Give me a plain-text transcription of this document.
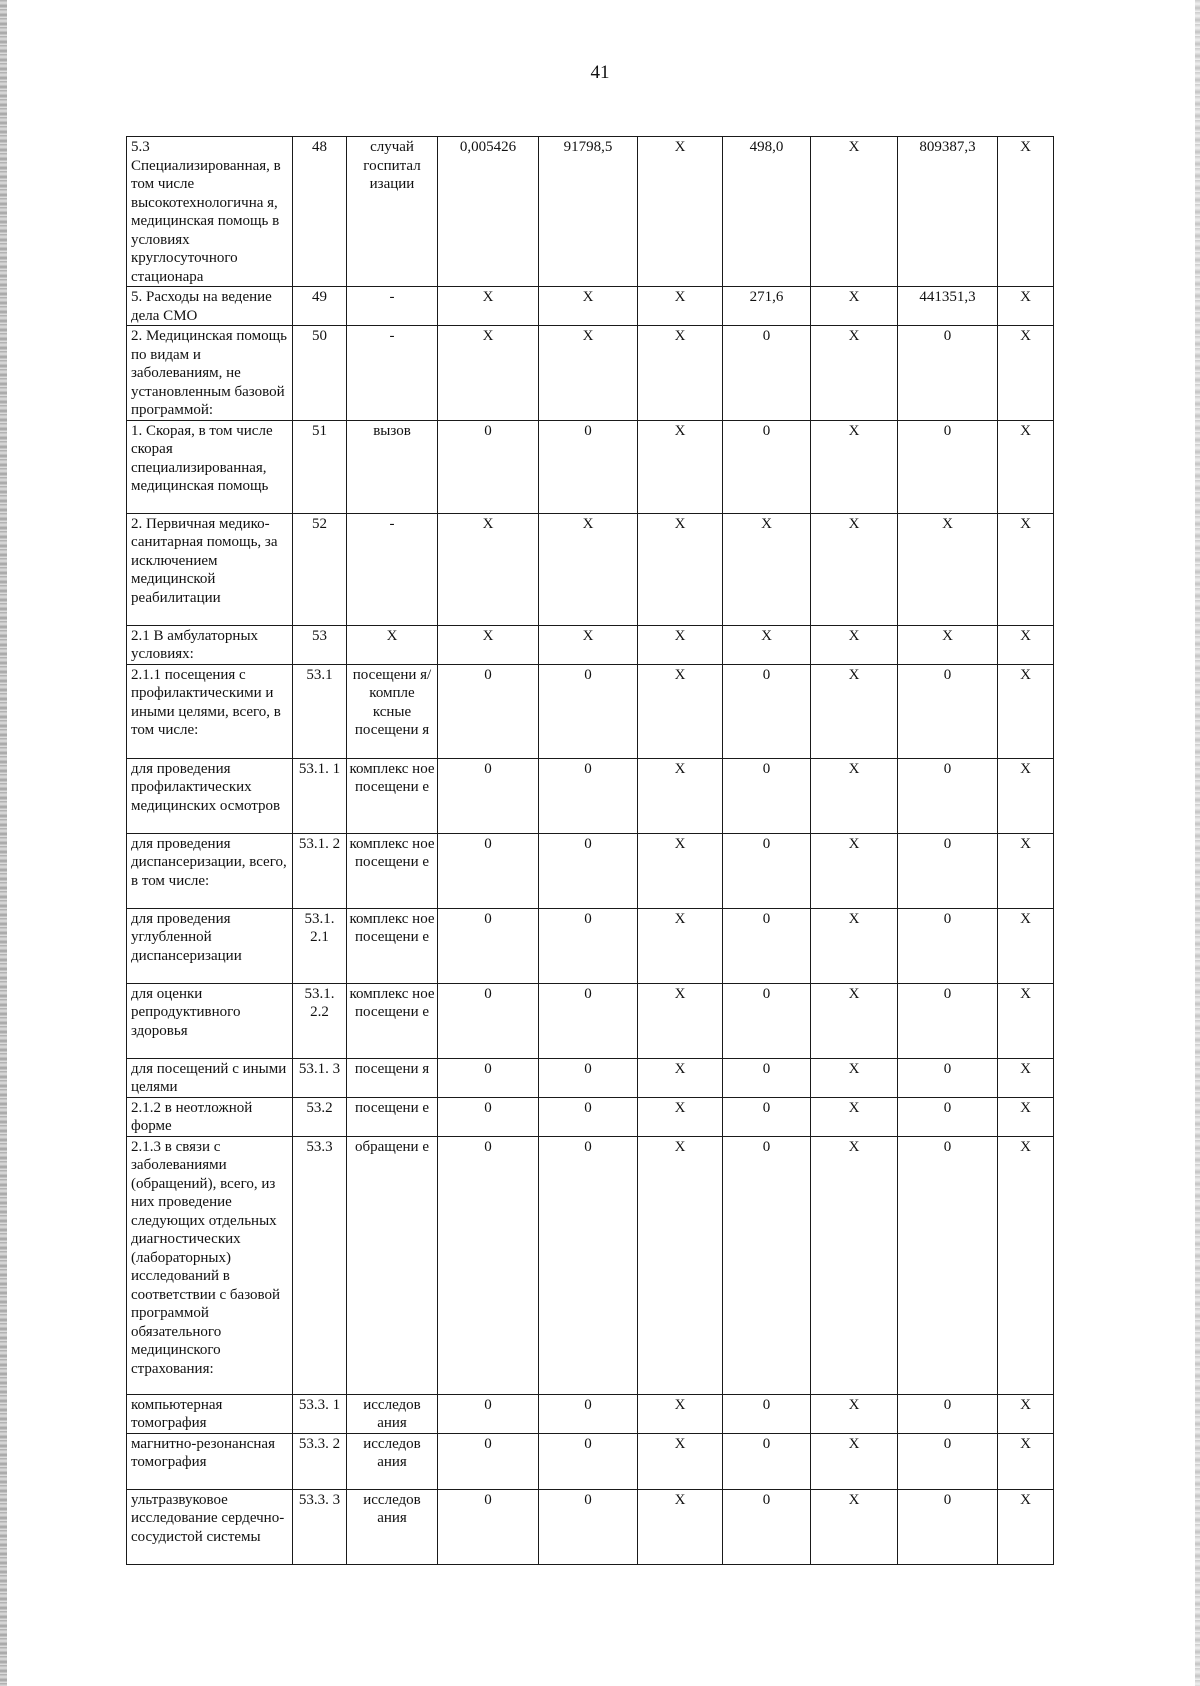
41
5.3 Специализированная, в том числе высокотехнологична я, медицинская помощь в условиях круглосуточного стационара	48	случай госпитал изации	0,005426	91798,5	X	498,0	X	809387,3	X
5. Расходы на ведение дела СМО	49	-	X	X	X	271,6	X	441351,3	X
2. Медицинская помощь по видам и заболеваниям, не установленным базовой программой:	50	-	X	X	X	0	X	0	X
1. Скорая, в том числе скорая специализированная, медицинская помощь	51	вызов	0	0	X	0	X	0	X
2. Первичная медико-санитарная помощь, за исключением медицинской реабилитации	52	-	X	X	X	X	X	X	X
2.1 В амбулаторных условиях:	53	X	X	X	X	X	X	X	X
2.1.1 посещения с профилактическими и иными целями, всего, в том числе:	53.1	посещени я/компле ксные посещени я	0	0	X	0	X	0	X
для проведения профилактических медицинских осмотров	53.1. 1	комплекс ное посещени е	0	0	X	0	X	0	X
для проведения диспансеризации, всего, в том числе:	53.1. 2	комплекс ное посещени е	0	0	X	0	X	0	X
для проведения углубленной диспансеризации	53.1. 2.1	комплекс ное посещени е	0	0	X	0	X	0	X
для оценки репродуктивного здоровья	53.1. 2.2	комплекс ное посещени е	0	0	X	0	X	0	X
для посещений с иными целями	53.1. 3	посещени я	0	0	X	0	X	0	X
2.1.2 в неотложной форме	53.2	посещени е	0	0	X	0	X	0	X
2.1.3 в связи с заболеваниями (обращений), всего, из них проведение следующих отдельных диагностических (лабораторных) исследований в соответствии с базовой программой обязательного медицинского страхования:	53.3	обращени е	0	0	X	0	X	0	X
компьютерная томография	53.3. 1	исследов ания	0	0	X	0	X	0	X
магнитно-резонансная томография	53.3. 2	исследов ания	0	0	X	0	X	0	X
ультразвуковое исследование сердечно-сосудистой системы	53.3. 3	исследов ания	0	0	X	0	X	0	X
